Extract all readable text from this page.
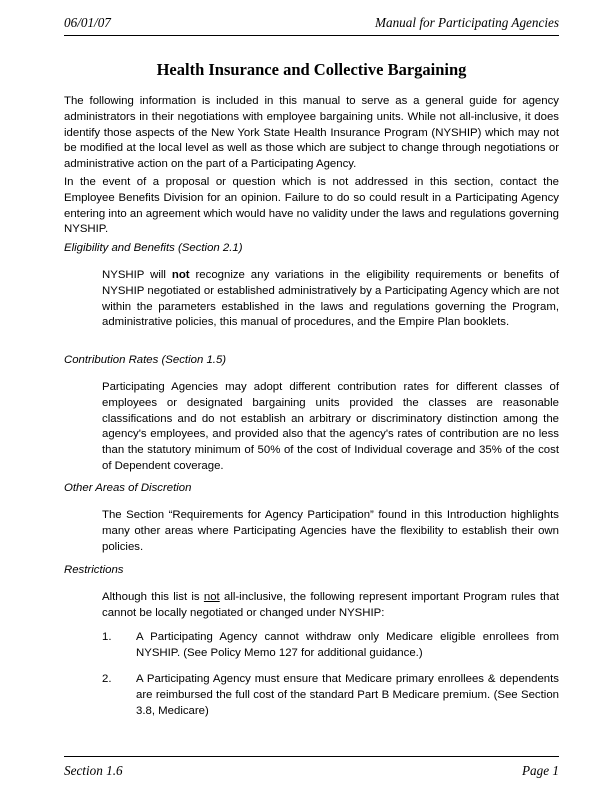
06/01/07	Manual for Participating Agencies
Health Insurance and Collective Bargaining
The following information is included in this manual to serve as a general guide for agency administrators in their negotiations with employee bargaining units. While not all-inclusive, it does identify those aspects of the New York State Health Insurance Program (NYSHIP) which may not be modified at the local level as well as those which are subject to change through negotiations or administrative action on the part of a Participating Agency.
In the event of a proposal or question which is not addressed in this section, contact the Employee Benefits Division for an opinion. Failure to do so could result in a Participating Agency entering into an agreement which would have no validity under the laws and regulations governing NYSHIP.
Eligibility and Benefits (Section 2.1)
NYSHIP will not recognize any variations in the eligibility requirements or benefits of NYSHIP negotiated or established administratively by a Participating Agency which are not within the parameters established in the laws and regulations governing the Program, administrative policies, this manual of procedures, and the Empire Plan booklets.
Contribution Rates (Section 1.5)
Participating Agencies may adopt different contribution rates for different classes of employees or designated bargaining units provided the classes are reasonable classifications and do not establish an arbitrary or discriminatory distinction among the agency's employees, and provided also that the agency's rates of contribution are no less than the statutory minimum of 50% of the cost of Individual coverage and 35% of the cost of Dependent coverage.
Other Areas of Discretion
The Section “Requirements for Agency Participation” found in this Introduction highlights many other areas where Participating Agencies have the flexibility to establish their own policies.
Restrictions
Although this list is not all-inclusive, the following represent important Program rules that cannot be locally negotiated or changed under NYSHIP:
1. A Participating Agency cannot withdraw only Medicare eligible enrollees from NYSHIP. (See Policy Memo 127 for additional guidance.)
2. A Participating Agency must ensure that Medicare primary enrollees & dependents are reimbursed the full cost of the standard Part B Medicare premium. (See Section 3.8, Medicare)
Section 1.6	Page 1
